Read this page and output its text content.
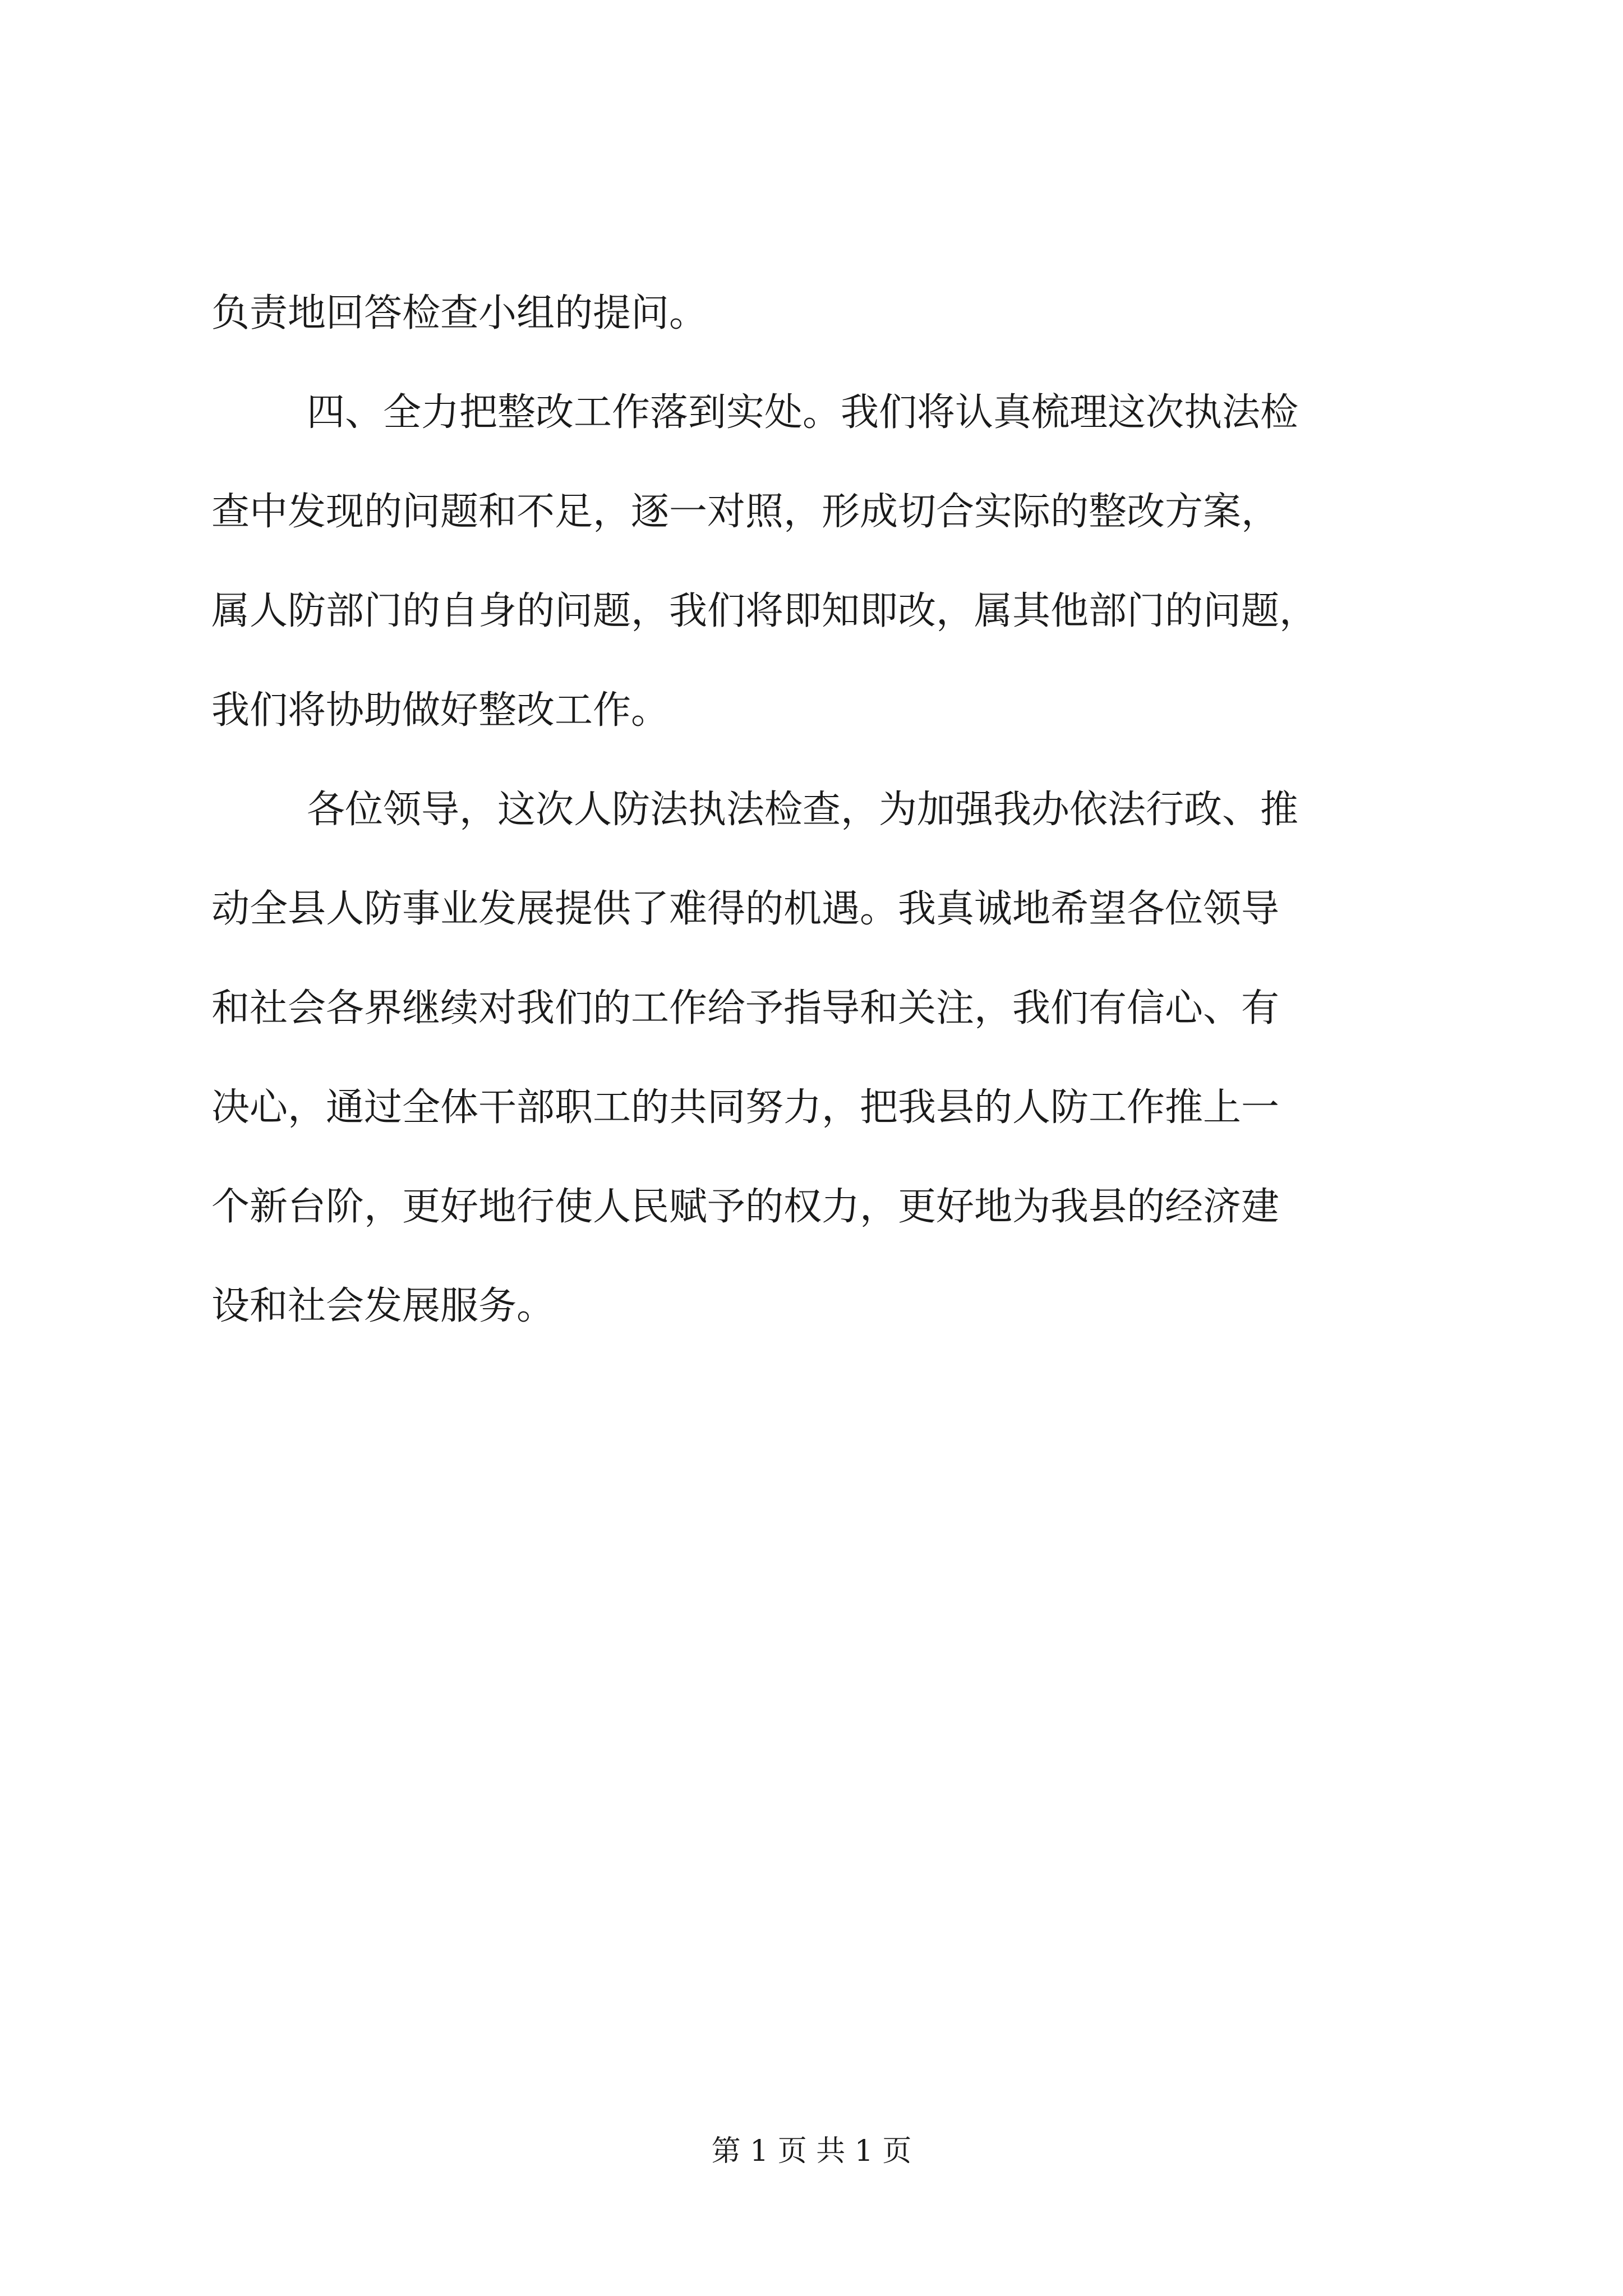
负责地回答检查小组的提问。
四、全力把整改工作落到实处。我们将认真梳理这次执法检
查中发现的问题和不足，逐一对照，形成切合实际的整改方案，
属人防部门的自身的问题，我们将即知即改，属其他部门的问题，
我们将协助做好整改工作。
各位领导，这次人防法执法检查，为加强我办依法行政、推
动全县人防事业发展提供了难得的机遇。我真诚地希望各位领导
和社会各界继续对我们的工作给予指导和关注，我们有信心、有
决心，通过全体干部职工的共同努力，把我县的人防工作推上一
个新台阶，更好地行使人民赋予的权力，更好地为我县的经济建
设和社会发展服务。
第 1 页 共 1 页
